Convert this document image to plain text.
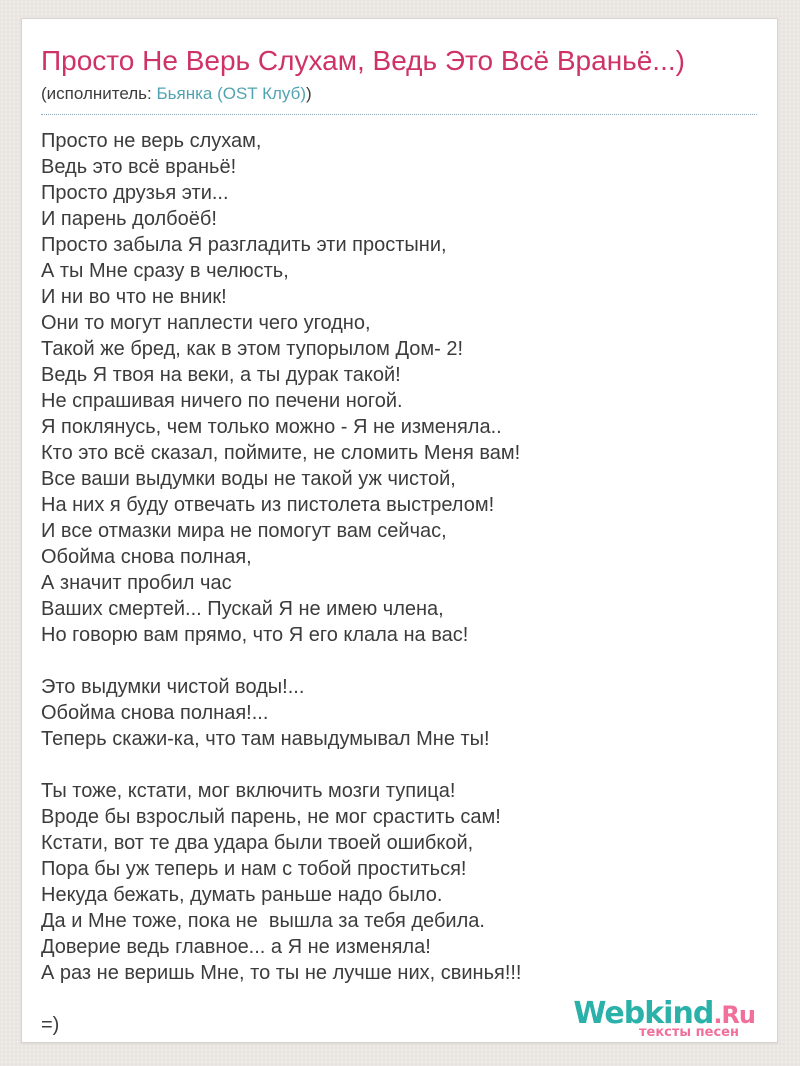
Просто Не Верь Слухам, Ведь Это Всё Враньё...)
(исполнитель: Бьянка (OST Клуб))
Просто не верь слухам,
Ведь это всё враньё!
Просто друзья эти...
И парень долбоёб!
Просто забыла Я разгладить эти простыни,
А ты Мне сразу в челюсть,
И ни во что не вник!
Они то могут наплести чего угодно,
Такой же бред, как в этом тупорылом Дом- 2!
Ведь Я твоя на веки, а ты дурак такой!
Не спрашивая ничего по печени ногой.
Я поклянусь, чем только можно - Я не изменяла..
Кто это всё сказал, поймите, не сломить Меня вам!
Все ваши выдумки воды не такой уж чистой,
На них я буду отвечать из пистолета выстрелом!
И все отмазки мира не помогут вам сейчас,
Обойма снова полная,
А значит пробил час
Ваших смертей... Пускай Я не имею члена,
Но говорю вам прямо, что Я его клала на вас!
Это выдумки чистой воды!...
Обойма снова полная!...
Теперь скажи-ка, что там навыдумывал Мне ты!
Ты тоже, кстати, мог включить мозги тупица!
Вроде бы взрослый парень, не мог срастить сам!
Кстати, вот те два удара были твоей ошибкой,
Пора бы уж теперь и нам с тобой проститься!
Некуда бежать, думать раньше надо было.
Да и Мне тоже, пока не  вышла за тебя дебила.
Доверие ведь главное... а Я не изменяла!
А раз не веришь Мне, то ты не лучше них, свинья!!!
=)	Webkind.Ru
тексты песен
